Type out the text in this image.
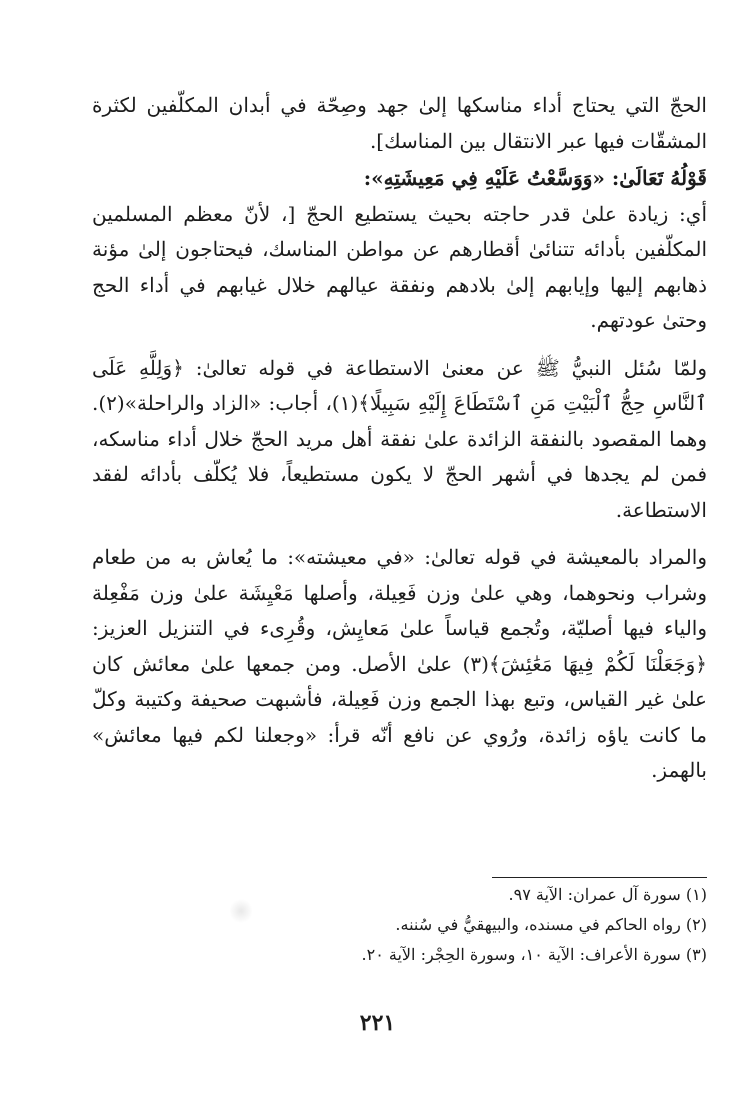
الحجّ التي يحتاج أداء مناسكها إلىٰ جهد وصِحّة في أبدان المكلّفين لكثرة المشقّات فيها عبر الانتقال بين المناسك].

قَوْلُهُ تَعَالَىٰ: «وَوَسَّعْتُ عَلَيْهِ فِي مَعِيشَتِهِ»:

أي: زيادة علىٰ قدر حاجته بحيث يستطيع الحجّ [، لأنّ معظم المسلمين المكلّفين بأدائه تتنائىٰ أقطارهم عن مواطن المناسك، فيحتاجون إلىٰ مؤنة ذهابهم إليها وإيابهم إلىٰ بلادهم ونفقة عيالهم خلال غيابهم في أداء الحج وحتىٰ عودتهم.

ولمّا سُئل النبيُّ ﷺ عن معنىٰ الاستطاعة في قوله تعالىٰ: ﴿وَلِلَّهِ عَلَى ٱلنَّاسِ حِجُّ ٱلْبَيْتِ مَنِ ٱسْتَطَاعَ إِلَيْهِ سَبِيلًا﴾(١)، أجاب: «الزاد والراحلة»(٢). وهما المقصود بالنفقة الزائدة علىٰ نفقة أهل مريد الحجّ خلال أداء مناسكه، فمن لم يجدها في أشهر الحجّ لا يكون مستطيعاً، فلا يُكلّف بأدائه لفقد الاستطاعة.

والمراد بالمعيشة في قوله تعالىٰ: «في معيشته»: ما يُعاش به من طعام وشراب ونحوهما، وهي علىٰ وزن فَعِيلة، وأصلها مَعْيِشَة علىٰ وزن مَفْعِلة والياء فيها أصليّة، وتُجمع قياساً علىٰ مَعايِش، وقُرِىء في التنزيل العزيز: ﴿وَجَعَلْنَا لَكُمْ فِيهَا مَعَٰئِشَ﴾(٣) علىٰ الأصل. ومن جمعها علىٰ معائش كان علىٰ غير القياس، وتبع بهذا الجمع وزن فَعِيلة، فأشبهت صحيفة وكتيبة وكلّ ما كانت ياؤه زائدة، ورُوي عن نافع أنّه قرأ: «وجعلنا لكم فيها معائش» بالهمز.

(١) سورة آل عمران: الآية ٩٧.

(٢) رواه الحاكم في مسنده، والبيهقيُّ في سُننه.

(٣) سورة الأعراف: الآية ١٠، وسورة الحِجْر: الآية ٢٠.

٢٢١
